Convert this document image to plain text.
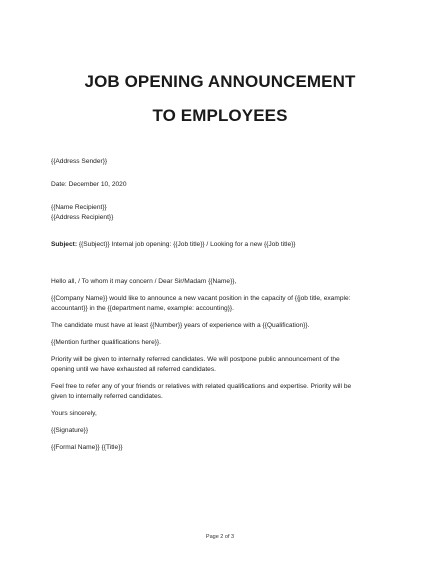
JOB OPENING ANNOUNCEMENT
TO EMPLOYEES

{{Address Sender}}

Date: December 10, 2020

{{Name Recipient}}

{{Address Recipient}}

Subject: {{Subject}} Internal job opening: {{Job title}} / Looking for a new {{Job title}}

Hello all, / To whom it may concern / Dear Sir/Madam {{Name}},

{{Company Name}} would like to announce a new vacant position in the capacity of {{job title, example:

accountant}} in the {{department name, example: accounting}}.

The candidate must have at least {{Number}} years of experience with a {{Qualification}}.

{{Mention further qualifications here}}.

Priority will be given to internally referred candidates. We will postpone public announcement of the

opening until we have exhausted all referred candidates.

Feel free to refer any of your friends or relatives with related qualifications and expertise. Priority will be

given to internally referred candidates.

Yours sincerely,

{{Signature}}

{{Formal Name}} {{Title}}

Page 2 of 3
